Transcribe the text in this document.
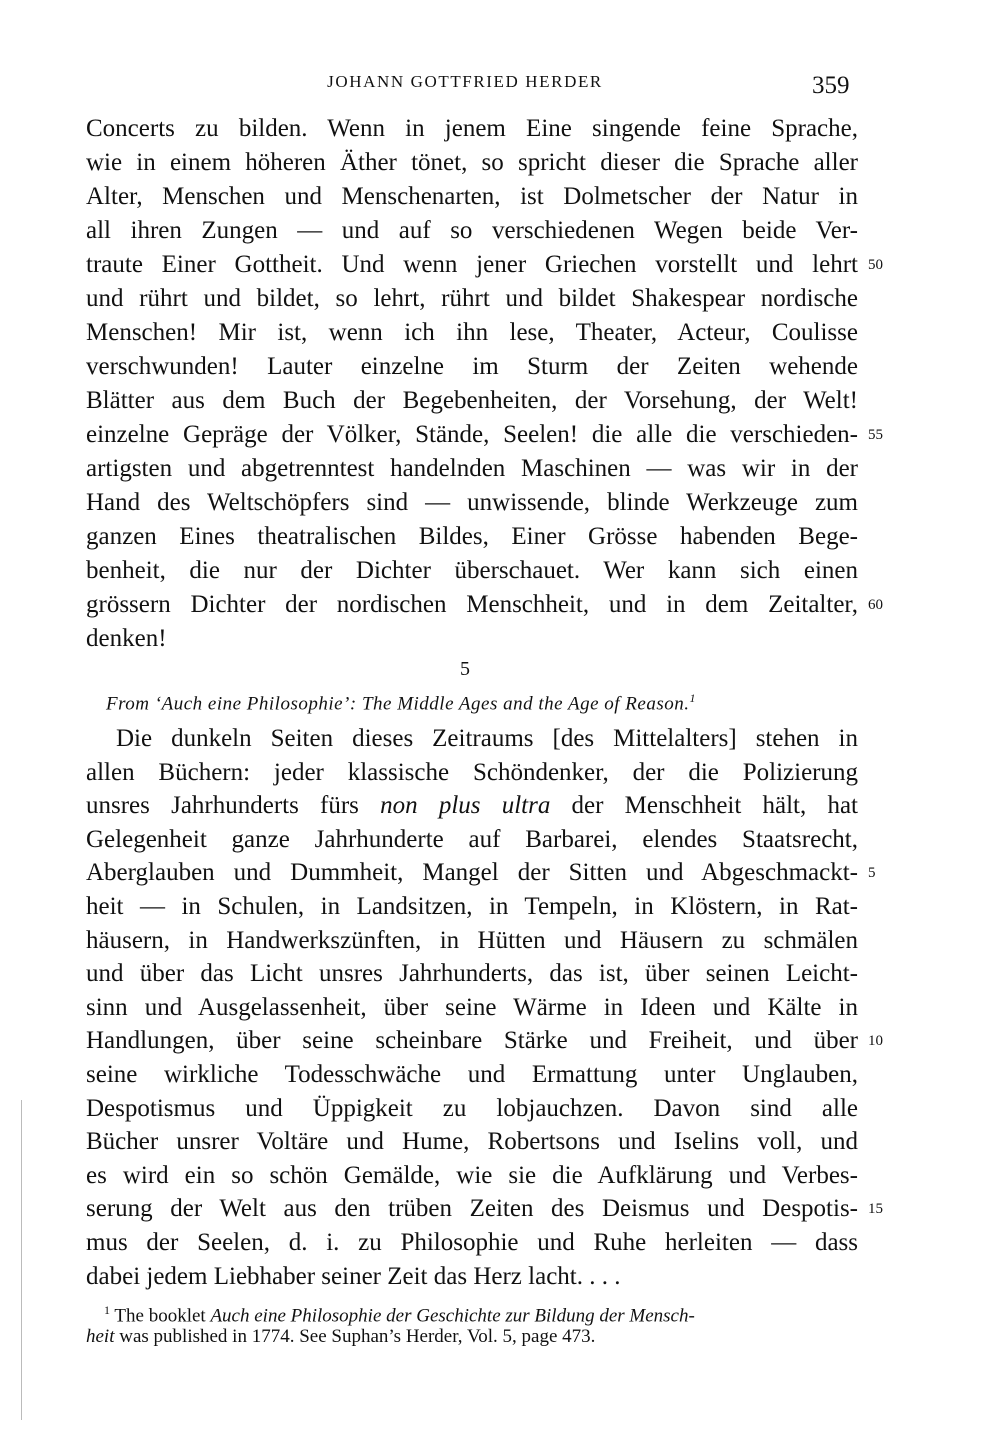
JOHANN GOTTFRIED HERDER	359
Concerts zu bilden. Wenn in jenem Eine singende feine Sprache,
wie in einem höheren Äther tönet, so spricht dieser die Sprache aller
Alter, Menschen und Menschenarten, ist Dolmetscher der Natur in
all ihren Zungen — und auf so verschiedenen Wegen beide Ver-
traute Einer Gottheit. Und wenn jener Griechen vorstellt und lehrt 50
und rührt und bildet, so lehrt, rührt und bildet Shakespear nordische
Menschen! Mir ist, wenn ich ihn lese, Theater, Acteur, Coulisse
verschwunden! Lauter einzelne im Sturm der Zeiten wehende
Blätter aus dem Buch der Begebenheiten, der Vorsehung, der Welt!
einzelne Gepräge der Völker, Stände, Seelen! die alle die verschieden- 55
artigsten und abgetrenntest handelnden Maschinen — was wir in der
Hand des Weltschöpfers sind — unwissende, blinde Werkzeuge zum
ganzen Eines theatralischen Bildes, Einer Grösse habenden Bege-
benheit, die nur der Dichter überschauet. Wer kann sich einen
grössern Dichter der nordischen Menschheit, und in dem Zeitalter, 60
denken!
5
From ‘Auch eine Philosophie’: The Middle Ages and the Age of Reason.$^1$
Die dunkeln Seiten dieses Zeitraums [des Mittelalters] stehen in
allen Büchern: jeder klassische Schöndenker, der die Polizierung
unsres Jahrhunderts fürs non plus ultra der Menschheit hält, hat
Gelegenheit ganze Jahrhunderte auf Barbarei, elendes Staatsrecht,
Aberglauben und Dummheit, Mangel der Sitten und Abgeschmackt- 5
heit — in Schulen, in Landsitzen, in Tempeln, in Klöstern, in Rat-
häusern, in Handwerkszünften, in Hütten und Häusern zu schmälen
und über das Licht unsres Jahrhunderts, das ist, über seinen Leicht-
sinn und Ausgelassenheit, über seine Wärme in Ideen und Kälte in
Handlungen, über seine scheinbare Stärke und Freiheit, und über 10
seine wirkliche Todesschwäche und Ermattung unter Unglauben,
Despotismus und Üppigkeit zu lobjauchzen. Davon sind alle
Bücher unsrer Voltäre und Hume, Robertsons und Iselins voll, und
es wird ein so schön Gemälde, wie sie die Aufklärung und Verbes-
serung der Welt aus den trüben Zeiten des Deismus und Despotis- 15
mus der Seelen, d. i. zu Philosophie und Ruhe herleiten — dass
dabei jedem Liebhaber seiner Zeit das Herz lacht. . . .
$^1$ The booklet Auch eine Philosophie der Geschichte zur Bildung der Mensch-
heit was published in 1774. See Suphan’s Herder, Vol. 5, page 473.
